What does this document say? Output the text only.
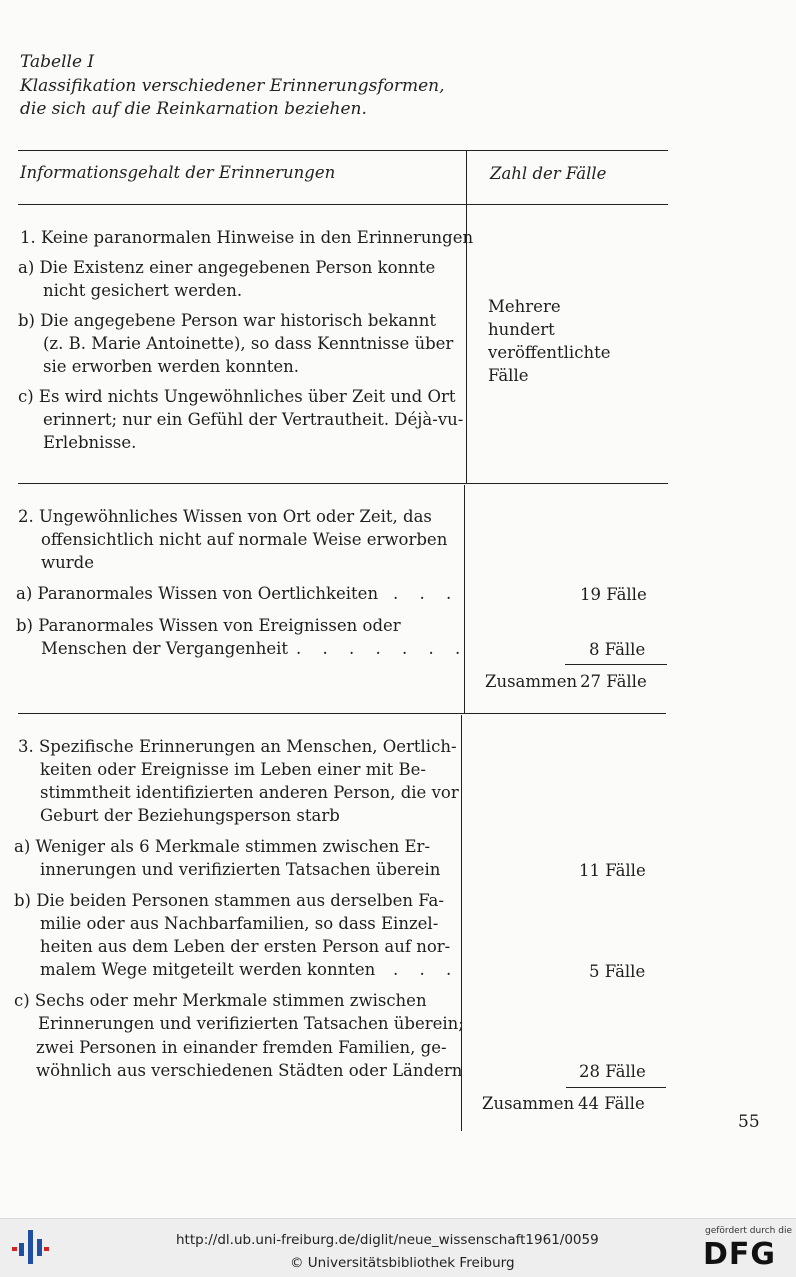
Tabelle I
Klassifikation verschiedener Erinnerungsformen,
die sich auf die Reinkarnation beziehen.
Informationsgehalt der Erinnerungen	Zahl der Fälle
1. Keine paranormalen Hinweise in den Erinnerungen
a) Die Existenz einer angegebenen Person konnte
nicht gesichert werden.
b) Die angegebene Person war historisch bekannt
(z. B. Marie Antoinette), so dass Kenntnisse über
sie erworben werden konnten.
c) Es wird nichts Ungewöhnliches über Zeit und Ort
erinnert; nur ein Gefühl der Vertrautheit. Déjà-vu-
Erlebnisse.
Mehrere
hundert
veröffentlichte
Fälle
2. Ungewöhnliches Wissen von Ort oder Zeit, das
offensichtlich nicht auf normale Weise erworben
wurde
a) Paranormales Wissen von Oertlichkeiten . . .
b) Paranormales Wissen von Ereignissen oder
Menschen der Vergangenheit . . . . . . .
19 Fälle
8 Fälle
Zusammen 27 Fälle
3. Spezifische Erinnerungen an Menschen, Oertlich-
keiten oder Ereignisse im Leben einer mit Be-
stimmtheit identifizierten anderen Person, die vor
Geburt der Beziehungsperson starb
a) Weniger als 6 Merkmale stimmen zwischen Er-
innerungen und verifizierten Tatsachen überein
b) Die beiden Personen stammen aus derselben Fa-
milie oder aus Nachbarfamilien, so dass Einzel-
heiten aus dem Leben der ersten Person auf nor-
malem Wege mitgeteilt werden konnten . . .
c) Sechs oder mehr Merkmale stimmen zwischen
Erinnerungen und verifizierten Tatsachen überein;
zwei Personen in einander fremden Familien, ge-
wöhnlich aus verschiedenen Städten oder Ländern
11 Fälle
5 Fälle
28 Fälle
Zusammen 44 Fälle
55
http://dl.ub.uni-freiburg.de/diglit/neue_wissenschaft1961/0059
© Universitätsbibliothek Freiburg
gefördert durch die
DFG
